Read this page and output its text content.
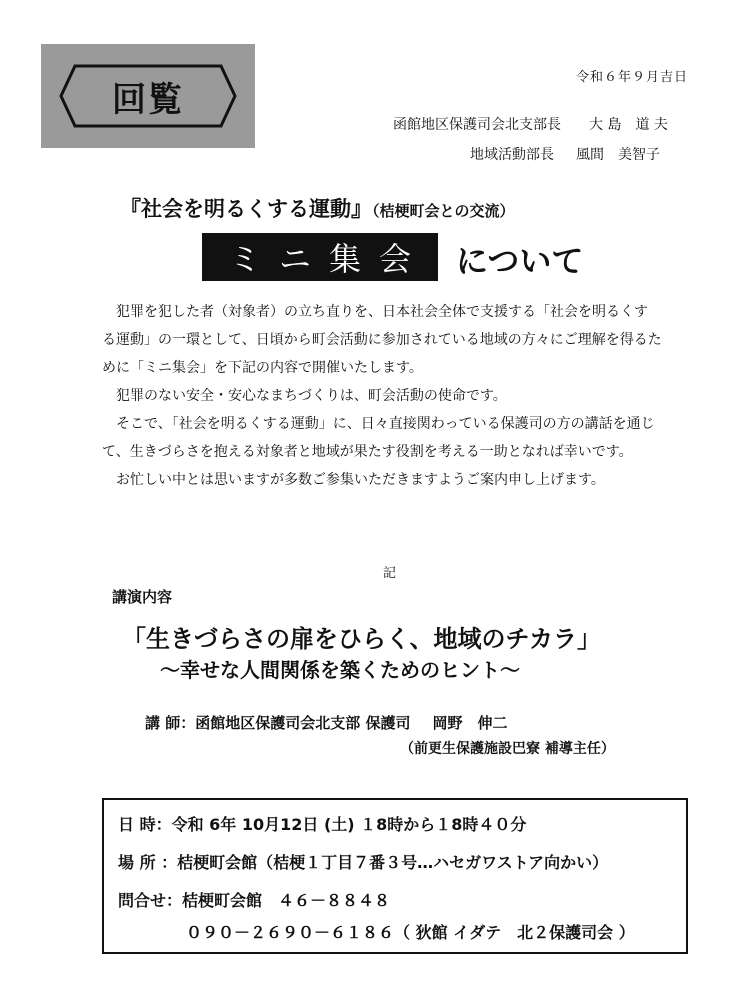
回覧
令和６年９月吉日
函館地区保護司会北支部長 大 島　道 夫
地域活動部長 風間　美智子
『社会を明るくする運動』（桔梗町会との交流）
ミニ集会 について
犯罪を犯した者（対象者）の立ち直りを、日本社会全体で支援する「社会を明るくす
る運動」の一環として、日頃から町会活動に参加されている地域の方々にご理解を得るた
めに「ミニ集会」を下記の内容で開催いたします。
犯罪のない安全・安心なまちづくりは、町会活動の使命です。
そこで、「社会を明るくする運動」に、日々直接関わっている保護司の方の講話を通じ
て、生きづらさを抱える対象者と地域が果たす役割を考える一助となれば幸いです。
お忙しい中とは思いますが多数ご参集いただきますようご案内申し上げます。
記
講演内容
「生きづらさの扉をひらく、地域のチカラ」
～幸せな人間関係を築くためのヒント～
講 師：函館地区保護司会北支部 保護司 岡野　伸二
（前更生保護施設巴寮 補導主任）
日 時：令和 6年 10月12日 (土) １8時から１8時４０分
場 所 ：桔梗町会館（桔梗１丁目７番３号…ハセガワストア向かい）
問合せ：桔梗町会館　４６－８８４８
０９０－２６９０－６１８６（ 狄館 イダテ　北２保護司会 ）
